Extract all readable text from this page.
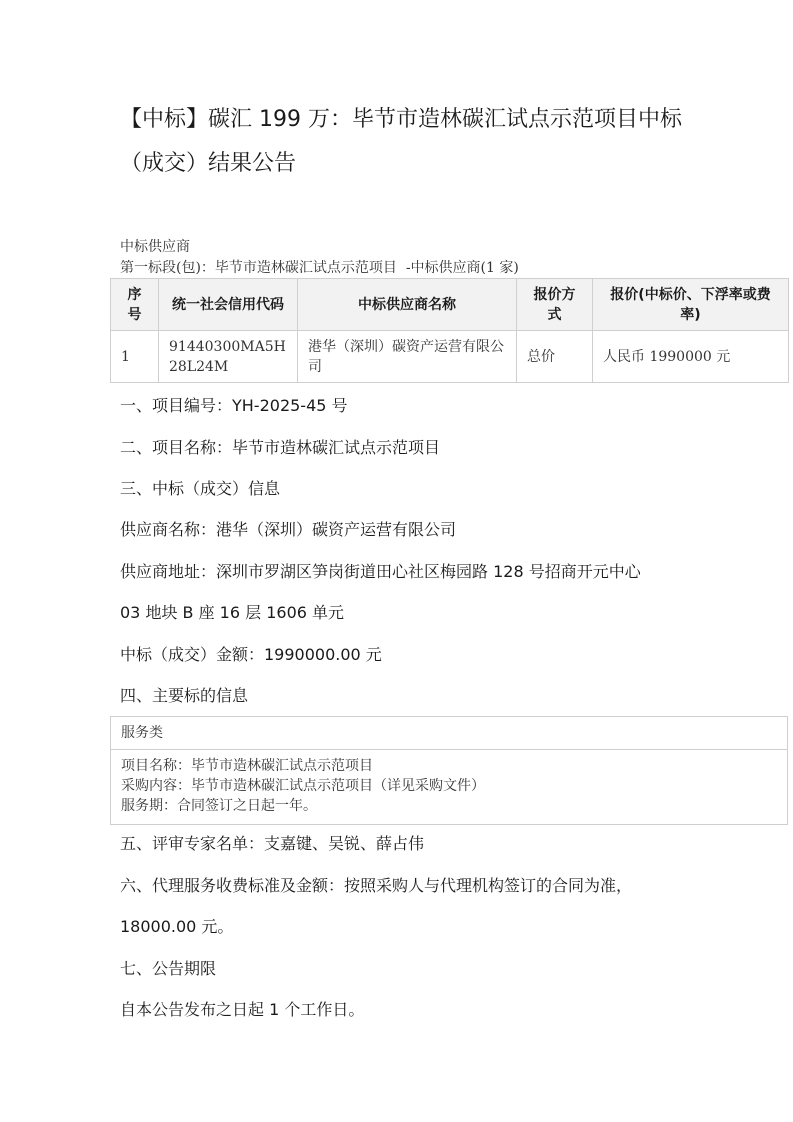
【中标】碳汇 199 万：毕节市造林碳汇试点示范项目中标（成交）结果公告
中标供应商
第一标段(包)：毕节市造林碳汇试点示范项目  -中标供应商(1 家)
序号	统一社会信用代码	中标供应商名称	报价方式	报价(中标价、下浮率或费率)
1	91440300MA5H28L24M	港华（深圳）碳资产运营有限公司	总价	人民币 1990000 元
一、项目编号：YH-2025-45 号
二、项目名称：毕节市造林碳汇试点示范项目
三、中标（成交）信息
供应商名称：港华（深圳）碳资产运营有限公司
供应商地址：深圳市罗湖区笋岗街道田心社区梅园路 128 号招商开元中心
03 地块 B 座 16 层 1606 单元
中标（成交）金额：1990000.00 元
四、主要标的信息
服务类
项目名称：毕节市造林碳汇试点示范项目
采购内容：毕节市造林碳汇试点示范项目（详见采购文件）
服务期：合同签订之日起一年。
五、评审专家名单：支嘉键、吴锐、薛占伟
六、代理服务收费标准及金额：按照采购人与代理机构签订的合同为准，
18000.00 元。
七、公告期限
自本公告发布之日起 1 个工作日。
